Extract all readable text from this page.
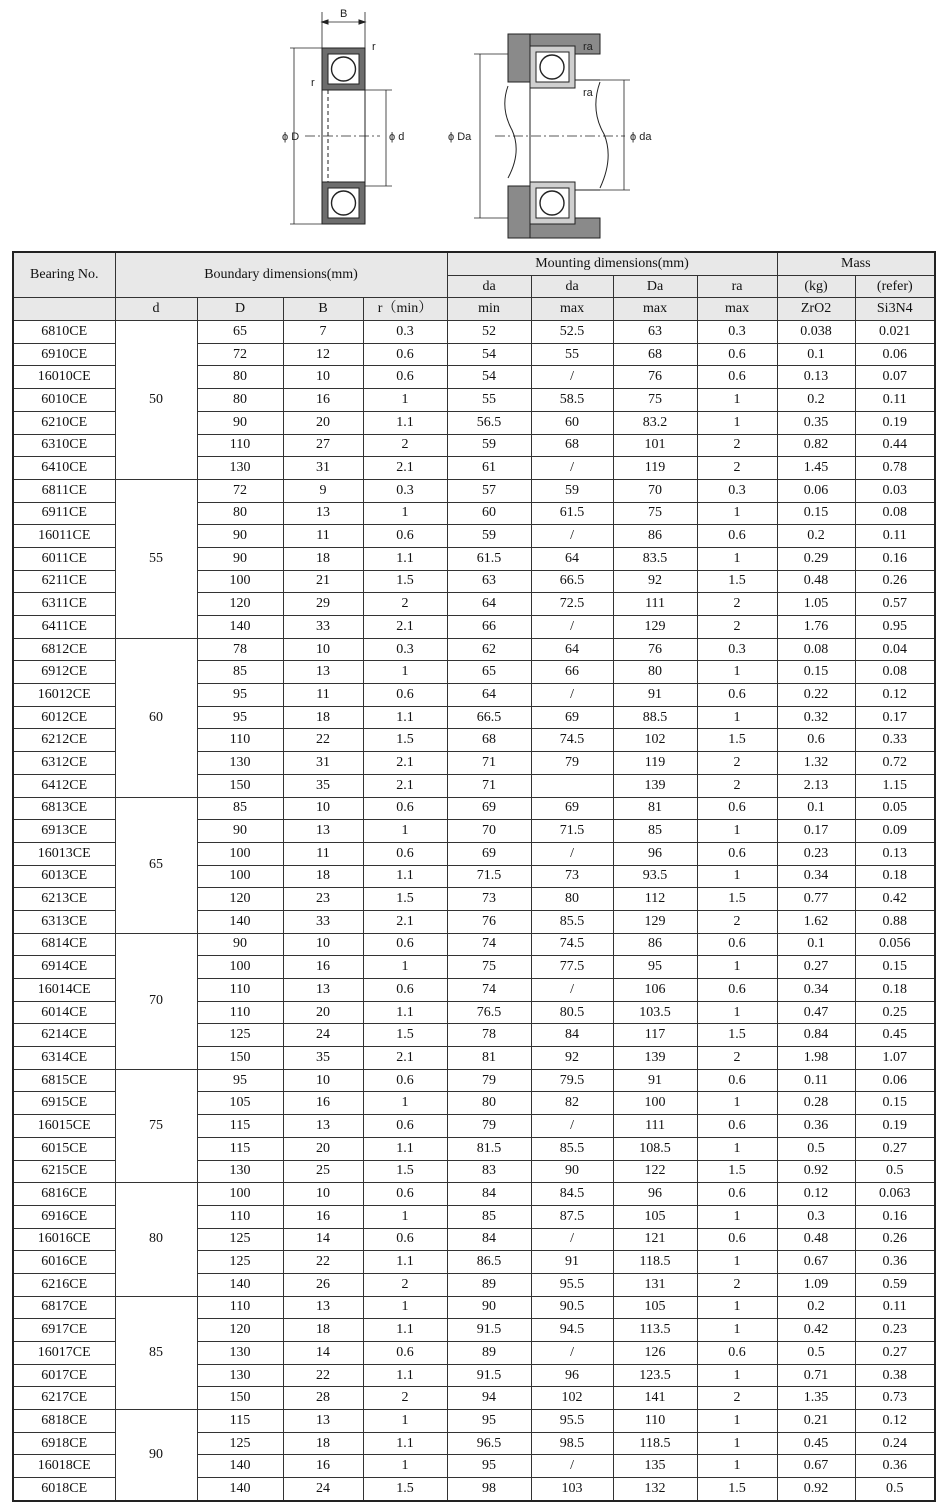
B
r
r
ϕ D	ϕ d
ra
ra
ϕ Da	ϕ da
Bearing No.	Boundary dimensions(mm)				Mounting dimensions(mm)				Mass	
					da	da	Da	ra	(kg)	(refer)
	d	D	B	r（min）	min	max	max	max	ZrO2	Si3N4
6810CE	50	65	7	0.3	52	52.5	63	0.3	0.038	0.021
6910CE		72	12	0.6	54	55	68	0.6	0.1	0.06
16010CE		80	10	0.6	54	/	76	0.6	0.13	0.07
6010CE		80	16	1	55	58.5	75	1	0.2	0.11
6210CE		90	20	1.1	56.5	60	83.2	1	0.35	0.19
6310CE		110	27	2	59	68	101	2	0.82	0.44
6410CE		130	31	2.1	61	/	119	2	1.45	0.78
6811CE	55	72	9	0.3	57	59	70	0.3	0.06	0.03
6911CE		80	13	1	60	61.5	75	1	0.15	0.08
16011CE		90	11	0.6	59	/	86	0.6	0.2	0.11
6011CE		90	18	1.1	61.5	64	83.5	1	0.29	0.16
6211CE		100	21	1.5	63	66.5	92	1.5	0.48	0.26
6311CE		120	29	2	64	72.5	111	2	1.05	0.57
6411CE		140	33	2.1	66	/	129	2	1.76	0.95
6812CE	60	78	10	0.3	62	64	76	0.3	0.08	0.04
6912CE		85	13	1	65	66	80	1	0.15	0.08
16012CE		95	11	0.6	64	/	91	0.6	0.22	0.12
6012CE		95	18	1.1	66.5	69	88.5	1	0.32	0.17
6212CE		110	22	1.5	68	74.5	102	1.5	0.6	0.33
6312CE		130	31	2.1	71	79	119	2	1.32	0.72
6412CE		150	35	2.1	71		139	2	2.13	1.15
6813CE	65	85	10	0.6	69	69	81	0.6	0.1	0.05
6913CE		90	13	1	70	71.5	85	1	0.17	0.09
16013CE		100	11	0.6	69	/	96	0.6	0.23	0.13
6013CE		100	18	1.1	71.5	73	93.5	1	0.34	0.18
6213CE		120	23	1.5	73	80	112	1.5	0.77	0.42
6313CE		140	33	2.1	76	85.5	129	2	1.62	0.88
6814CE	70	90	10	0.6	74	74.5	86	0.6	0.1	0.056
6914CE		100	16	1	75	77.5	95	1	0.27	0.15
16014CE		110	13	0.6	74	/	106	0.6	0.34	0.18
6014CE		110	20	1.1	76.5	80.5	103.5	1	0.47	0.25
6214CE		125	24	1.5	78	84	117	1.5	0.84	0.45
6314CE		150	35	2.1	81	92	139	2	1.98	1.07
6815CE	75	95	10	0.6	79	79.5	91	0.6	0.11	0.06
6915CE		105	16	1	80	82	100	1	0.28	0.15
16015CE		115	13	0.6	79	/	111	0.6	0.36	0.19
6015CE		115	20	1.1	81.5	85.5	108.5	1	0.5	0.27
6215CE		130	25	1.5	83	90	122	1.5	0.92	0.5
6816CE	80	100	10	0.6	84	84.5	96	0.6	0.12	0.063
6916CE		110	16	1	85	87.5	105	1	0.3	0.16
16016CE		125	14	0.6	84	/	121	0.6	0.48	0.26
6016CE		125	22	1.1	86.5	91	118.5	1	0.67	0.36
6216CE		140	26	2	89	95.5	131	2	1.09	0.59
6817CE	85	110	13	1	90	90.5	105	1	0.2	0.11
6917CE		120	18	1.1	91.5	94.5	113.5	1	0.42	0.23
16017CE		130	14	0.6	89	/	126	0.6	0.5	0.27
6017CE		130	22	1.1	91.5	96	123.5	1	0.71	0.38
6217CE		150	28	2	94	102	141	2	1.35	0.73
6818CE	90	115	13	1	95	95.5	110	1	0.21	0.12
6918CE		125	18	1.1	96.5	98.5	118.5	1	0.45	0.24
16018CE		140	16	1	95	/	135	1	0.67	0.36
6018CE		140	24	1.5	98	103	132	1.5	0.92	0.5
